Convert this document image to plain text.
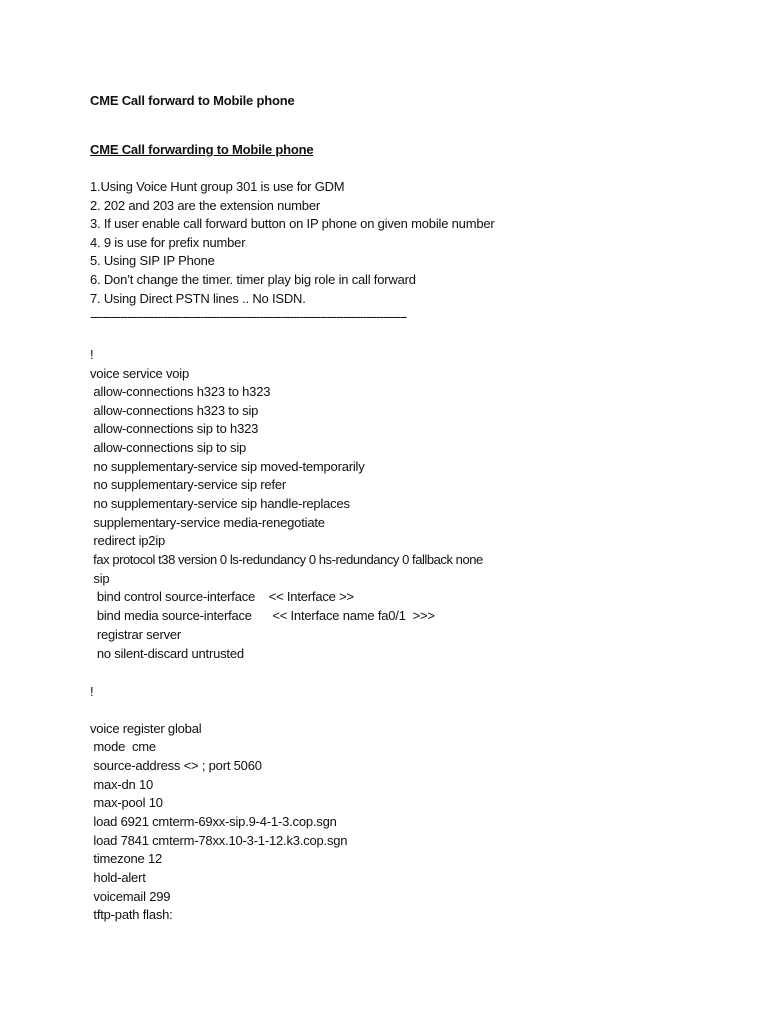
CME Call forward to Mobile phone
CME Call forwarding to Mobile phone
1.Using Voice Hunt group 301 is use for GDM
2. 202 and 203 are the extension number
3. If user enable call forward button on IP phone on given mobile number
4. 9 is use for prefix number
5. Using SIP IP Phone
6. Don’t change the timer. timer play big role in call forward
7. Using Direct PSTN lines .. No ISDN.
-----------------------------------------------------------------------------------------------
!
voice service voip
allow-connections h323 to h323
allow-connections h323 to sip
allow-connections sip to h323
allow-connections sip to sip
no supplementary-service sip moved-temporarily
no supplementary-service sip refer
no supplementary-service sip handle-replaces
supplementary-service media-renegotiate
redirect ip2ip
fax protocol t38 version 0 ls-redundancy 0 hs-redundancy 0 fallback none
sip
bind control source-interface    << Interface >>
bind media source-interface      << Interface name fa0/1  >>>
registrar server
no silent-discard untrusted
!
voice register global
mode  cme
source-address <> ; port 5060
max-dn 10
max-pool 10
load 6921 cmterm-69xx-sip.9-4-1-3.cop.sgn
load 7841 cmterm-78xx.10-3-1-12.k3.cop.sgn
timezone 12
hold-alert
voicemail 299
tftp-path flash:
